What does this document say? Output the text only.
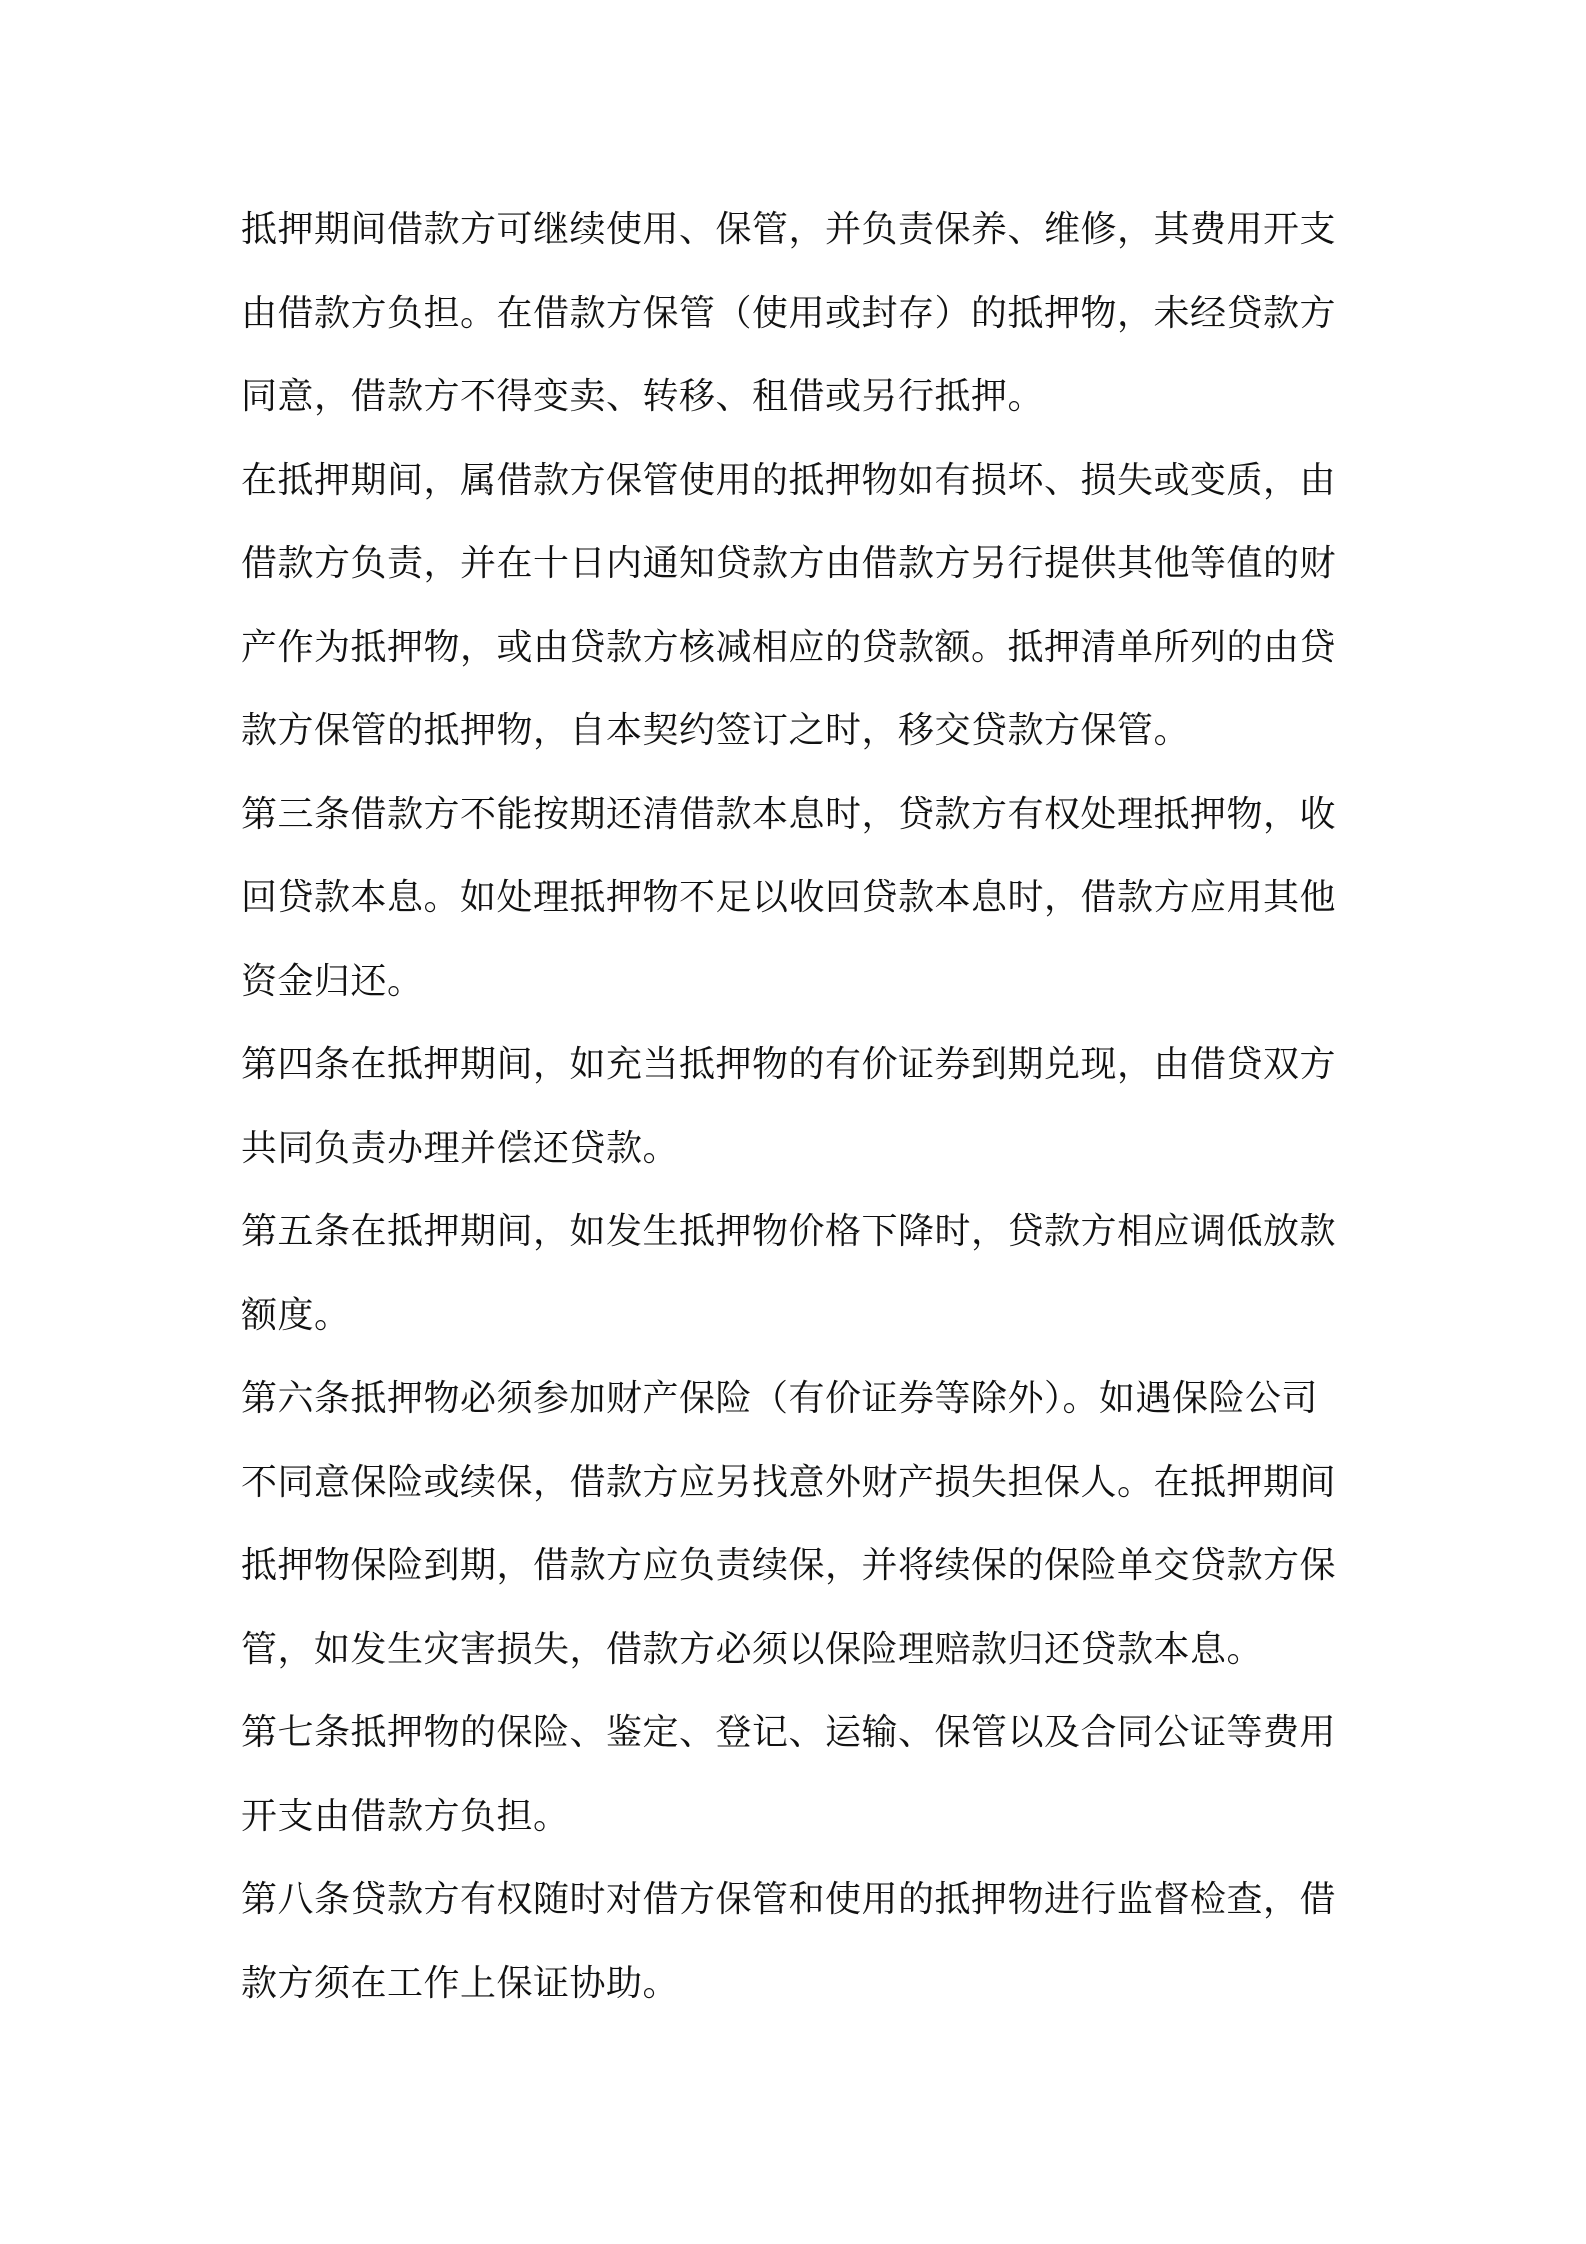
抵押期间借款方可继续使用、保管，并负责保养、维修，其费用开支
由借款方负担。在借款方保管（使用或封存）的抵押物，未经贷款方
同意，借款方不得变卖、转移、租借或另行抵押。
在抵押期间，属借款方保管使用的抵押物如有损坏、损失或变质，由
借款方负责，并在十日内通知贷款方由借款方另行提供其他等值的财
产作为抵押物，或由贷款方核减相应的贷款额。抵押清单所列的由贷
款方保管的抵押物，自本契约签订之时，移交贷款方保管。
第三条借款方不能按期还清借款本息时，贷款方有权处理抵押物，收
回贷款本息。如处理抵押物不足以收回贷款本息时，借款方应用其他
资金归还。
第四条在抵押期间，如充当抵押物的有价证券到期兑现，由借贷双方
共同负责办理并偿还贷款。
第五条在抵押期间，如发生抵押物价格下降时，贷款方相应调低放款
额度。
第六条抵押物必须参加财产保险（有价证券等除外）。如遇保险公司
不同意保险或续保，借款方应另找意外财产损失担保人。在抵押期间
抵押物保险到期，借款方应负责续保，并将续保的保险单交贷款方保
管，如发生灾害损失，借款方必须以保险理赔款归还贷款本息。
第七条抵押物的保险、鉴定、登记、运输、保管以及合同公证等费用
开支由借款方负担。
第八条贷款方有权随时对借方保管和使用的抵押物进行监督检查，借
款方须在工作上保证协助。
